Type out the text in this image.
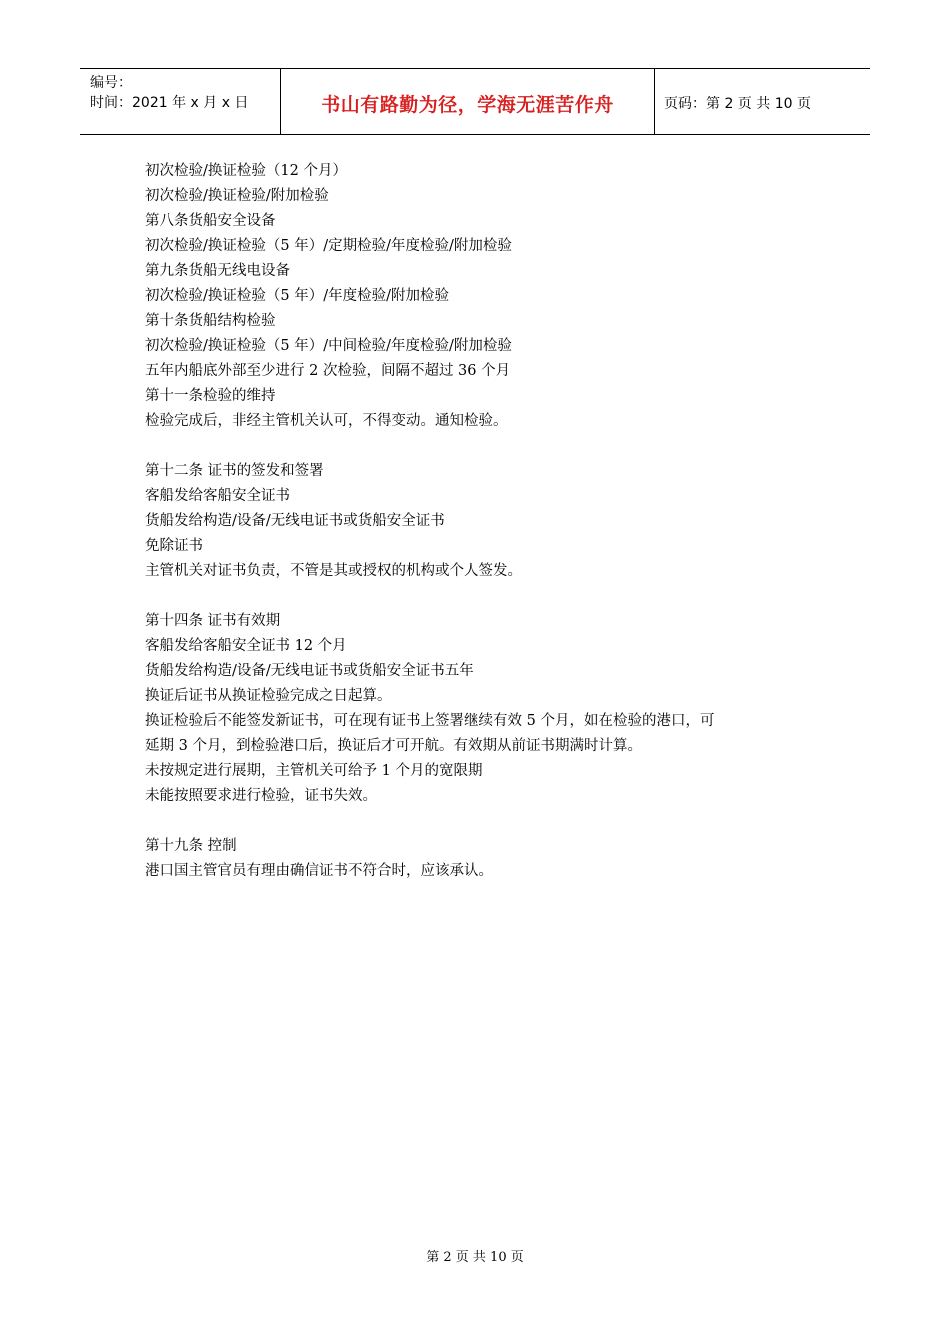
编号：
时间：2021 年 x 月 x 日	书山有路勤为径，学海无涯苦作舟	页码：第 2 页 共 10 页
初次检验/换证检验（12 个月）
初次检验/换证检验/附加检验
第八条货船安全设备
初次检验/换证检验（5 年）/定期检验/年度检验/附加检验
第九条货船无线电设备
初次检验/换证检验（5 年）/年度检验/附加检验
第十条货船结构检验
初次检验/换证检验（5 年）/中间检验/年度检验/附加检验
五年内船底外部至少进行 2 次检验，间隔不超过 36 个月
第十一条检验的维持
检验完成后，非经主管机关认可，不得变动。通知检验。
第十二条 证书的签发和签署
客船发给客船安全证书
货船发给构造/设备/无线电证书或货船安全证书
免除证书
主管机关对证书负责，不管是其或授权的机构或个人签发。
第十四条 证书有效期
客船发给客船安全证书 12 个月
货船发给构造/设备/无线电证书或货船安全证书五年
换证后证书从换证检验完成之日起算。
换证检验后不能签发新证书，可在现有证书上签署继续有效 5 个月，如在检验的港口，可
延期 3 个月，到检验港口后，换证后才可开航。有效期从前证书期满时计算。
未按规定进行展期，主管机关可给予 1 个月的宽限期
未能按照要求进行检验，证书失效。
第十九条 控制
港口国主管官员有理由确信证书不符合时，应该承认。
第 2 页 共 10 页
